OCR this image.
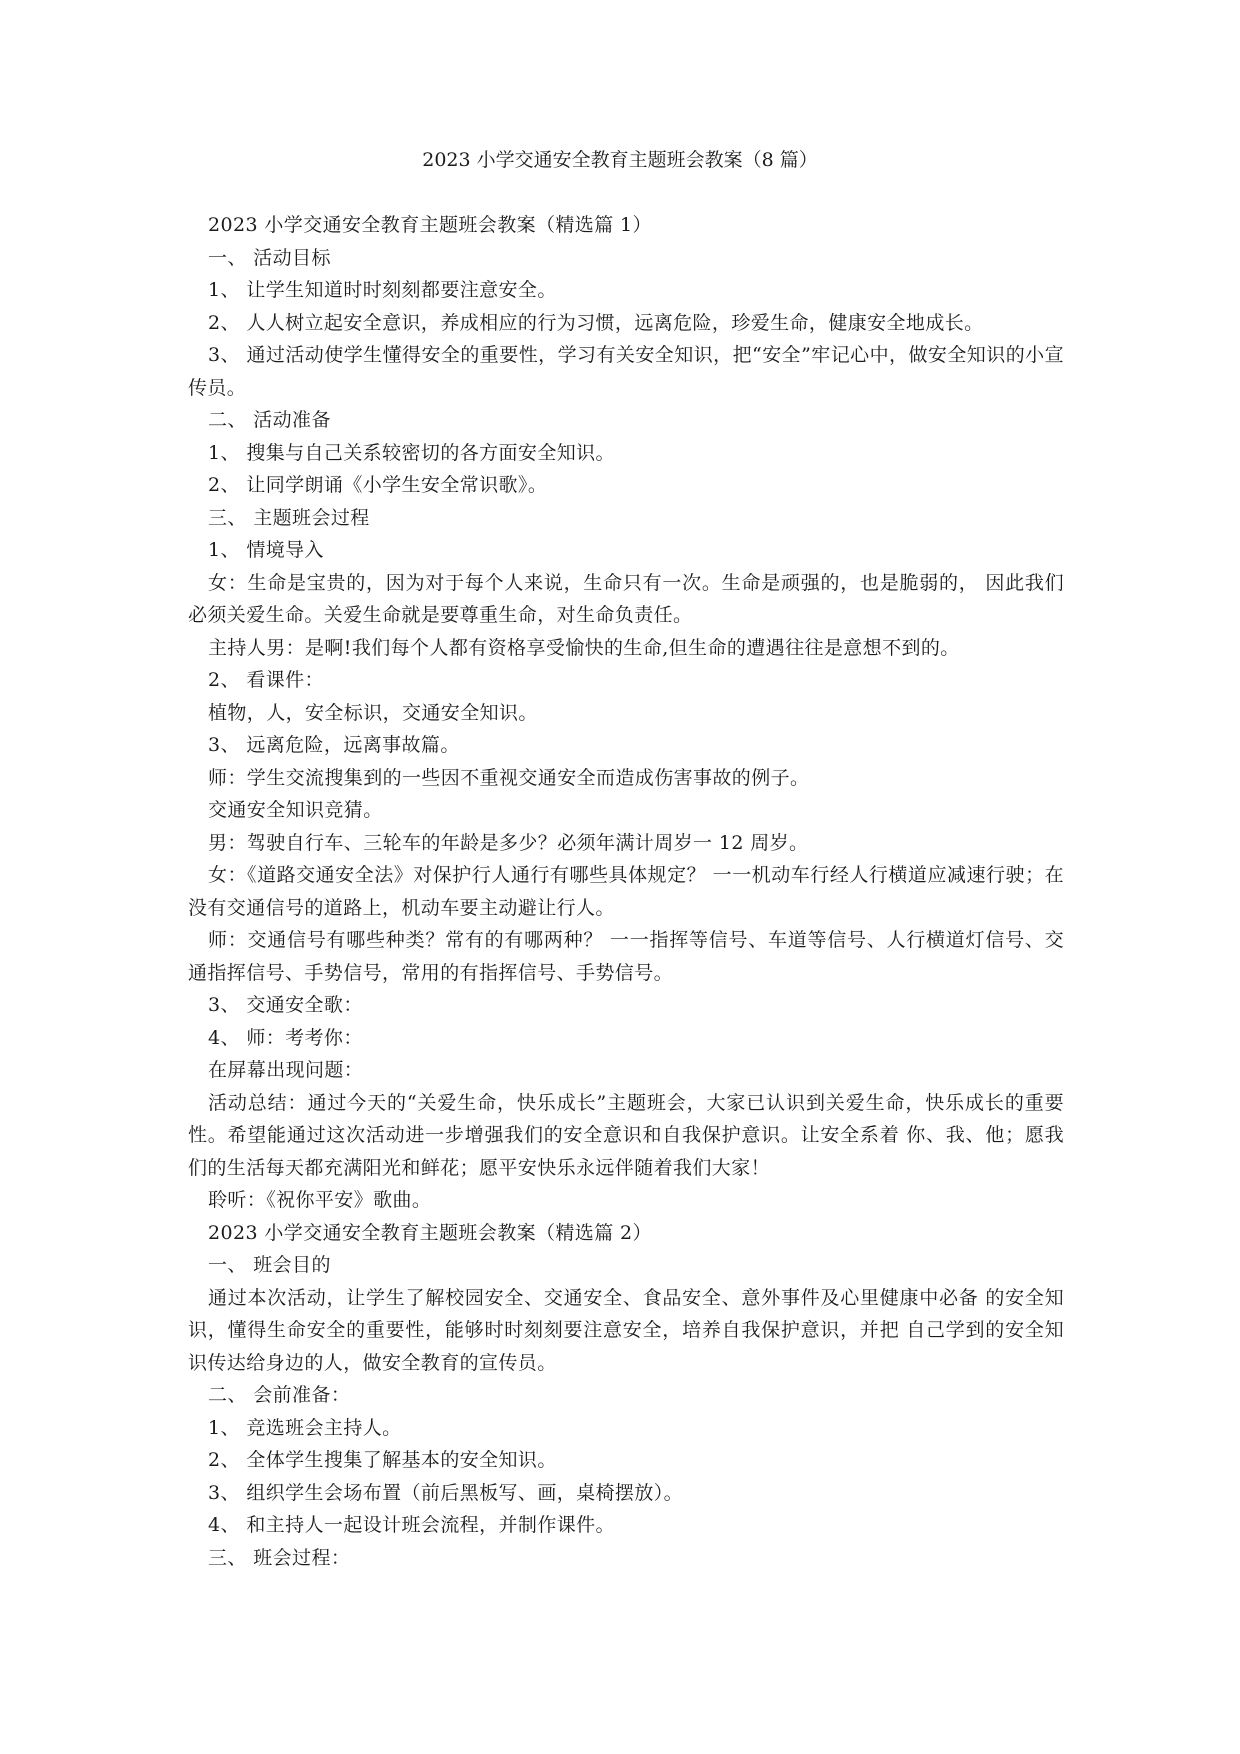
2023 小学交通安全教育主题班会教案（8 篇）

2023 小学交通安全教育主题班会教案（精选篇 1）

一、 活动目标

1、 让学生知道时时刻刻都要注意安全。

2、 人人树立起安全意识，养成相应的行为习惯，远离危险，珍爱生命，健康安全地成长。

3、 通过活动使学生懂得安全的重要性，学习有关安全知识，把“安全”牢记心中，做安全知识的小宣传员。

二、 活动准备

1、 搜集与自己关系较密切的各方面安全知识。

2、 让同学朗诵《小学生安全常识歌》。

三、 主题班会过程

1、 情境导入

女：生命是宝贵的，因为对于每个人来说，生命只有一次。生命是顽强的，也是脆弱的， 因此我们必须关爱生命。关爱生命就是要尊重生命，对生命负责任。

主持人男：是啊!我们每个人都有资格享受愉快的生命,但生命的遭遇往往是意想不到的。

2、 看课件：

植物，人，安全标识，交通安全知识。

3、 远离危险，远离事故篇。

师：学生交流搜集到的一些因不重视交通安全而造成伤害事故的例子。

交通安全知识竞猜。

男：驾驶自行车、三轮车的年龄是多少？必须年满计周岁一 12 周岁。

女：《道路交通安全法》对保护行人通行有哪些具体规定？ 一一机动车行经人行横道应减速行驶；在没有交通信号的道路上，机动车要主动避让行人。

师：交通信号有哪些种类？常有的有哪两种？ 一一指挥等信号、车道等信号、人行横道灯信号、交通指挥信号、手势信号，常用的有指挥信号、手势信号。

3、 交通安全歌：

4、 师：考考你：

在屏幕出现问题：

活动总结：通过今天的“关爱生命，快乐成长”主题班会，大家已认识到关爱生命，快乐成长的重要性。希望能通过这次活动进一步增强我们的安全意识和自我保护意识。让安全系着 你、我、他；愿我们的生活每天都充满阳光和鲜花；愿平安快乐永远伴随着我们大家！

聆听：《祝你平安》歌曲。

2023 小学交通安全教育主题班会教案（精选篇 2）

一、 班会目的

通过本次活动，让学生了解校园安全、交通安全、食品安全、意外事件及心里健康中必备 的安全知识，懂得生命安全的重要性，能够时时刻刻要注意安全，培养自我保护意识，并把 自己学到的安全知识传达给身边的人，做安全教育的宣传员。

二、 会前准备：

1、 竞选班会主持人。

2、 全体学生搜集了解基本的安全知识。

3、 组织学生会场布置（前后黑板写、画，桌椅摆放）。

4、 和主持人一起设计班会流程，并制作课件。

三、 班会过程：
